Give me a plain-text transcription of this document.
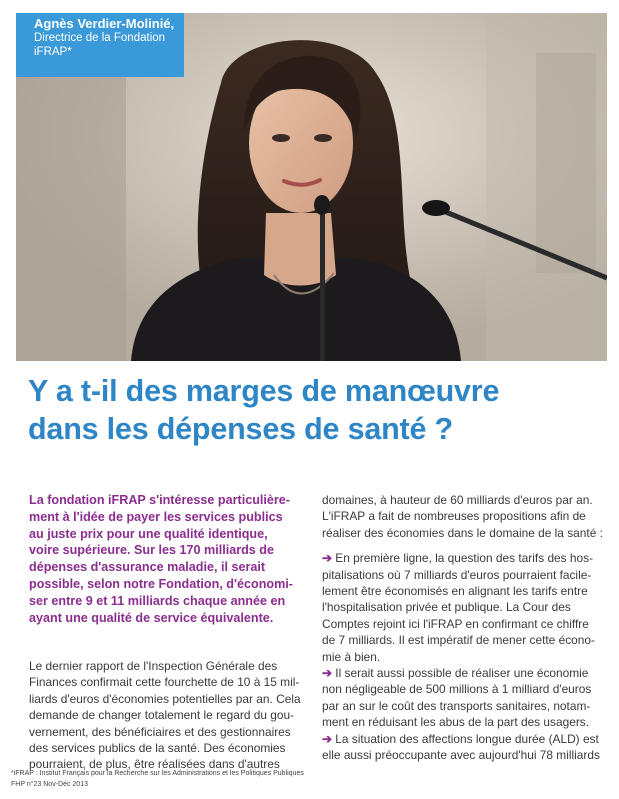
Agnès Verdier-Molinié,
Directrice de la Fondation
iFRAP*
Y a t-il des marges de manœuvre
dans les dépenses de santé ?
La fondation iFRAP s'intéresse particulière-
ment à l'idée de payer les services publics
au juste prix pour une qualité identique,
voire supérieure. Sur les 170 milliards de
dépenses d'assurance maladie, il serait
possible, selon notre Fondation, d'économi-
ser entre 9 et 11 milliards chaque année en
ayant une qualité de service équivalente.
Le dernier rapport de l'Inspection Générale des
Finances confirmait cette fourchette de 10 à 15 mil-
liards d'euros d'économies potentielles par an. Cela
demande de changer totalement le regard du gou-
vernement, des bénéficiaires et des gestionnaires
des services publics de la santé. Des économies
pourraient, de plus, être réalisées dans d'autres
domaines, à hauteur de 60 milliards d'euros par an.
L'iFRAP a fait de nombreuses propositions afin de
réaliser des économies dans le domaine de la santé :
➔ En première ligne, la question des tarifs des hos-
pitalisations où 7 milliards d'euros pourraient facile-
lement être économisés en alignant les tarifs entre
l'hospitalisation privée et publique. La Cour des
Comptes rejoint ici l'iFRAP en confirmant ce chiffre
de 7 milliards. Il est impératif de mener cette écono-
mie à bien.
➔ Il serait aussi possible de réaliser une économie
non négligeable de 500 millions à 1 milliard d'euros
par an sur le coût des transports sanitaires, notam-
ment en réduisant les abus de la part des usagers.
➔ La situation des affections longue durée (ALD) est
elle aussi préoccupante avec aujourd'hui 78 milliards
*iFRAP : Institut Français pour la Recherche sur les Administrations et les Politiques Publiques
FHP n°23 Nov-Déc 2013
